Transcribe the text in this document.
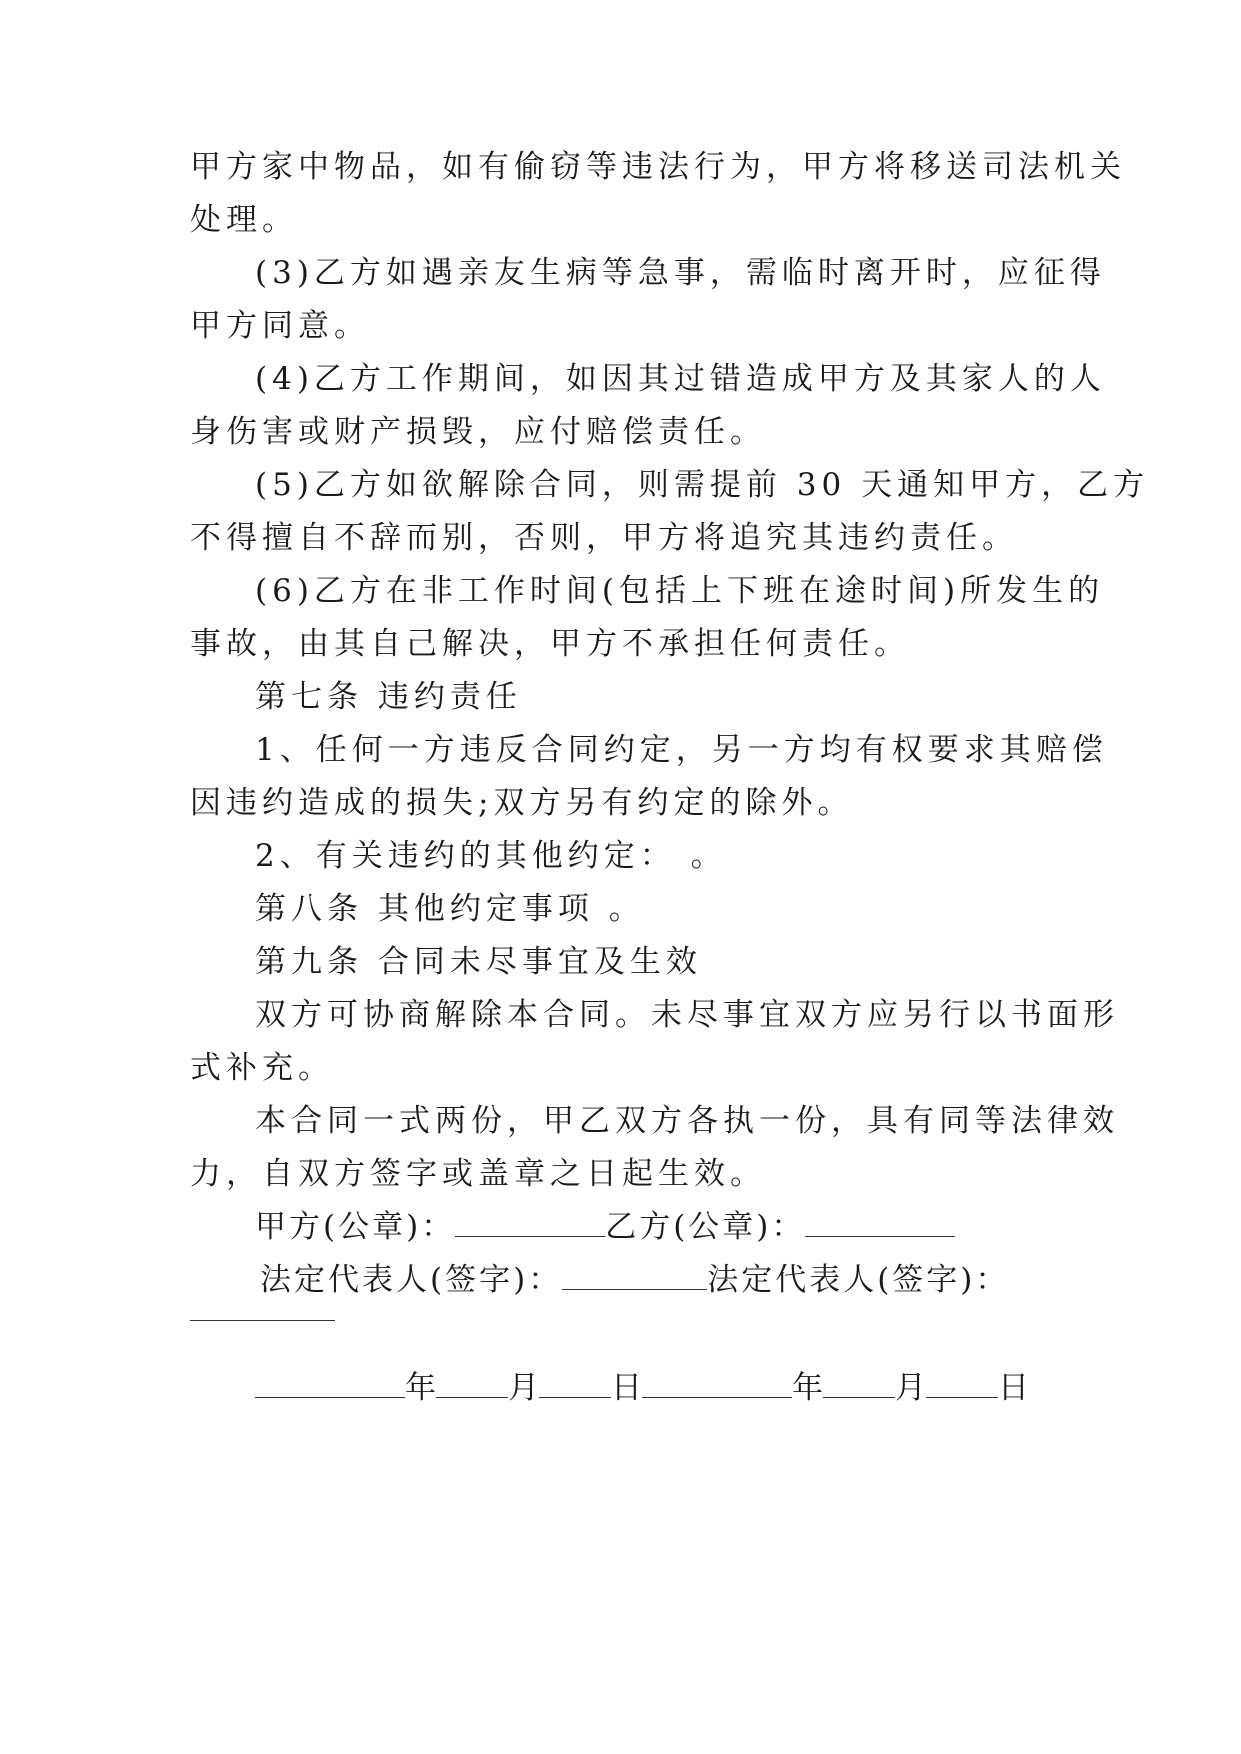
甲方家中物品，如有偷窃等违法行为，甲方将移送司法机关
处理。
(3)乙方如遇亲友生病等急事，需临时离开时，应征得
甲方同意。
(4)乙方工作期间，如因其过错造成甲方及其家人的人
身伤害或财产损毁，应付赔偿责任。
(5)乙方如欲解除合同，则需提前 30 天通知甲方，乙方
不得擅自不辞而别，否则，甲方将追究其违约责任。
(6)乙方在非工作时间(包括上下班在途时间)所发生的
事故，由其自己解决，甲方不承担任何责任。
第七条 违约责任
1、任何一方违反合同约定，另一方均有权要求其赔偿
因违约造成的损失;双方另有约定的除外。
2、有关违约的其他约定： 。
第八条 其他约定事项 。
第九条 合同未尽事宜及生效
双方可协商解除本合同。未尽事宜双方应另行以书面形
式补充。
本合同一式两份，甲乙双方各执一份，具有同等法律效
力，自双方签字或盖章之日起生效。
甲方(公章)：	乙方(公章)：
法定代表人(签字)：	法定代表人(签字)：
年 月 日	年 月 日
